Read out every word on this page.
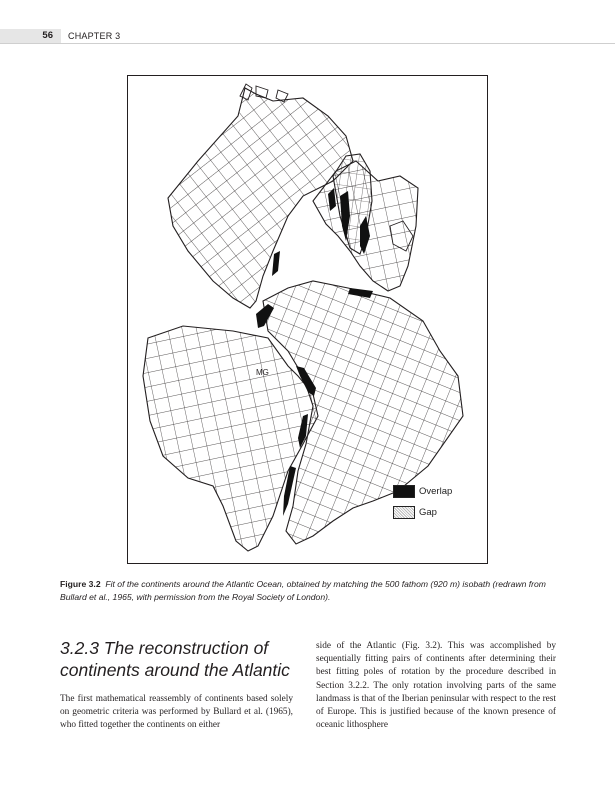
56	CHAPTER 3
MG
Overlap
Gap
Figure 3.2 Fit of the continents around the Atlantic Ocean, obtained by matching the 500 fathom (920 m) isobath (redrawn from Bullard et al., 1965, with permission from the Royal Society of London).
3.2.3 The reconstruction of continents around the Atlantic

The first mathematical reassembly of continents based solely on geometric criteria was performed by Bullard et al. (1965), who fitted together the continents on either

side of the Atlantic (Fig. 3.2). This was accomplished by sequentially fitting pairs of continents after determining their best fitting poles of rotation by the procedure described in Section 3.2.2. The only rotation involving parts of the same landmass is that of the Iberian peninsular with respect to the rest of Europe. This is justified because of the known presence of oceanic lithosphere
